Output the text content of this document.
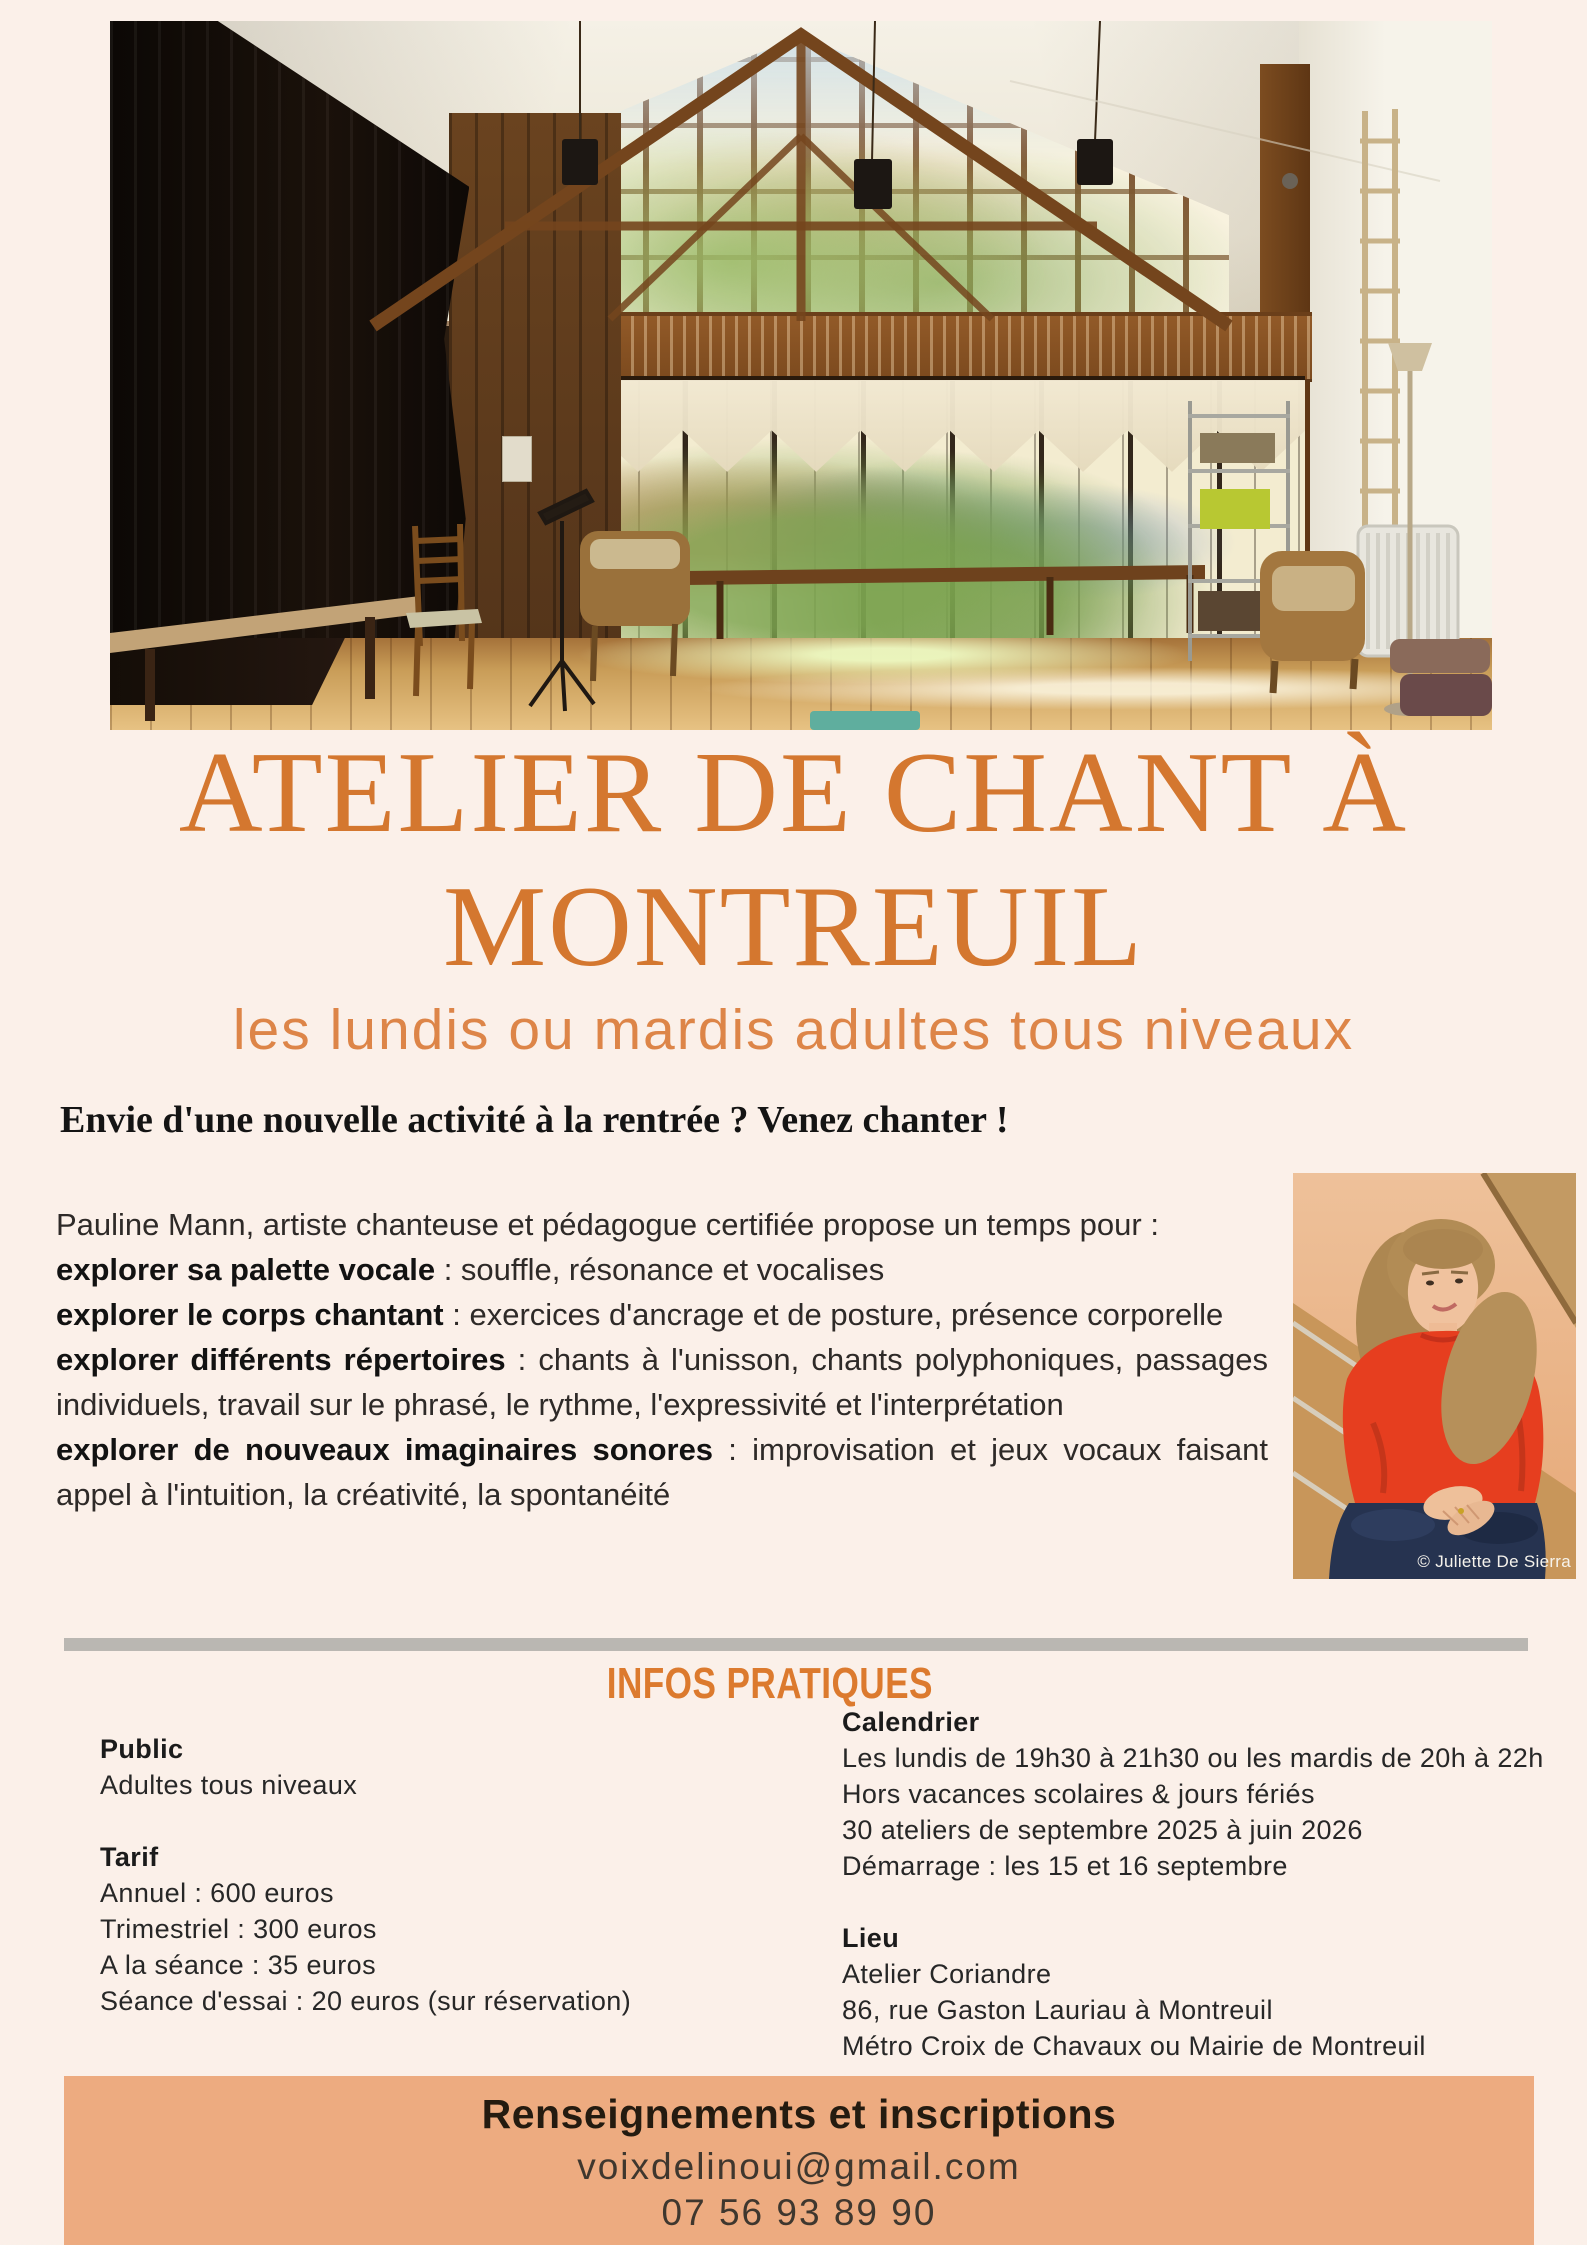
ATELIER DE CHANT À
MONTREUIL
les lundis ou mardis adultes tous niveaux
Envie d'une nouvelle activité à la rentrée ? Venez chanter !

Pauline Mann, artiste chanteuse et pédagogue certifiée propose un temps pour :

explorer sa palette vocale : souffle, résonance et vocalises

explorer le corps chantant : exercices d'ancrage et de posture, présence corporelle

explorer différents répertoires : chants à l'unisson, chants polyphoniques, passages individuels, travail sur le phrasé, le rythme, l'expressivité et l'interprétation

explorer de nouveaux imaginaires sonores : improvisation et jeux vocaux faisant appel à l'intuition, la créativité, la spontanéité

© Juliette De Sierra
INFOS PRATIQUES
Public
Adultes tous niveaux
Tarif
Annuel : 600 euros
Trimestriel : 300 euros
A la séance : 35 euros
Séance d'essai : 20 euros (sur réservation)
Calendrier
Les lundis de 19h30 à 21h30 ou les mardis de 20h à 22h
Hors vacances scolaires & jours fériés
30 ateliers de septembre 2025 à juin 2026
Démarrage : les 15 et 16 septembre
Lieu
Atelier Coriandre
86, rue Gaston Lauriau à Montreuil
Métro Croix de Chavaux ou Mairie de Montreuil
Renseignements et inscriptions
voixdelinoui@gmail.com
07 56 93 89 90
